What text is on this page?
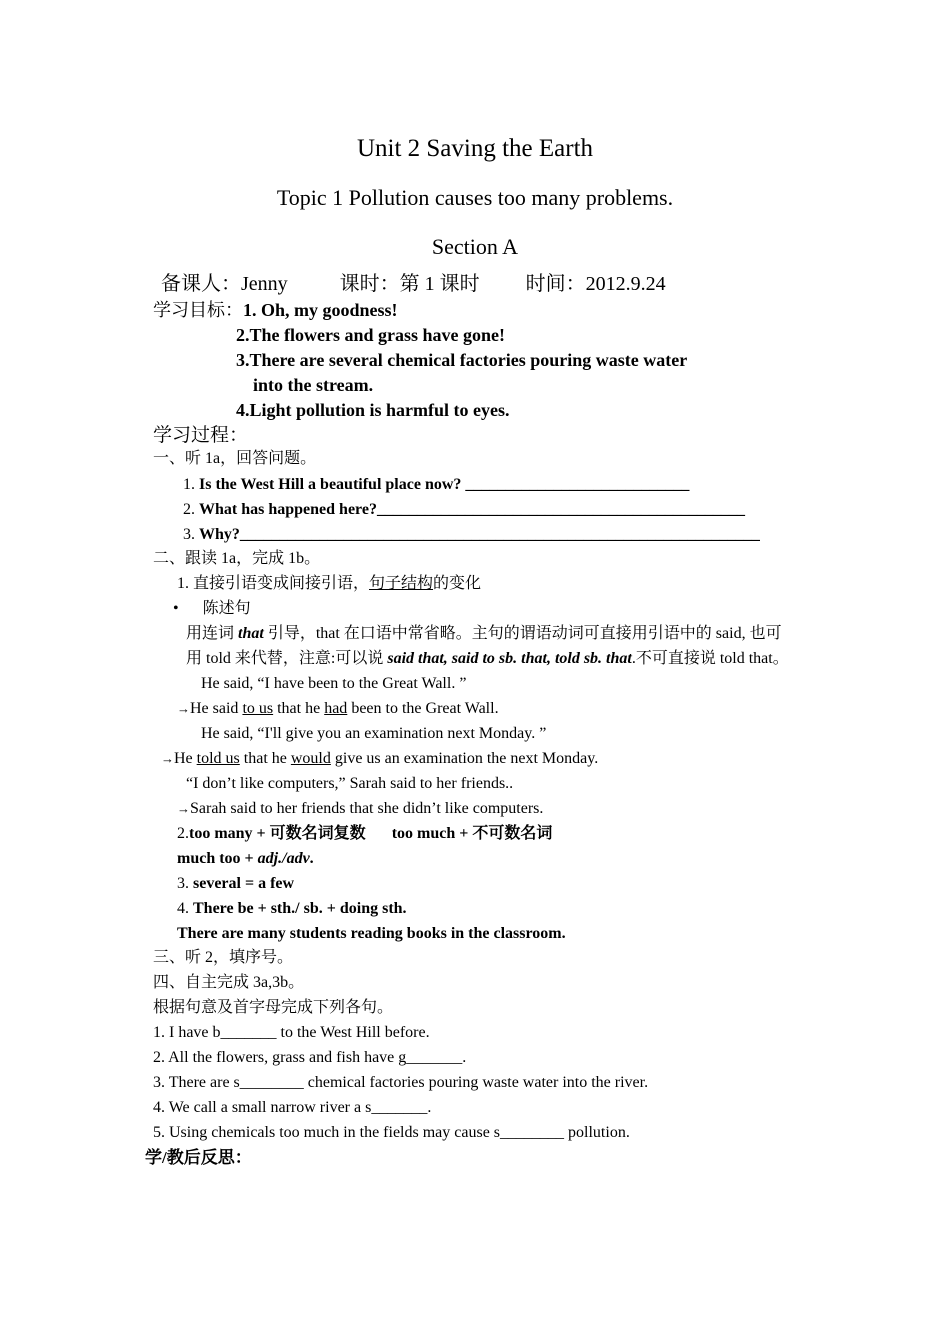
Unit 2 Saving the Earth
Topic 1 Pollution causes too many problems.
Section A
备课人：Jenny	课时：第 1 课时 时间：2012.9.24
学习目标：1. Oh, my goodness!
2.The flowers and grass have gone!
3.There are several chemical factories pouring waste water
into the stream.
4.Light pollution is harmful to eyes.
学习过程：
一、听 1a，回答问题。
1. Is the West Hill a beautiful place now? ____________________________
2. What has happened here?______________________________________________
3. Why?_________________________________________________________________
二、跟读 1a，完成 1b。
1. 直接引语变成间接引语，句子结构的变化
• 陈述句
用连词 that 引导，that 在口语中常省略。主句的谓语动词可直接用引语中的 said, 也可
用 told 来代替，注意:可以说 said that, said to sb. that, told sb. that.不可直接说 told that。
He said, “I have been to the Great Wall. ”
→He said to us that he had been to the Great Wall.
He said, “I'll give you an examination next Monday. ”
→He told us that he would give us an examination the next Monday.
“I don’t like computers,” Sarah said to her friends..
→Sarah said to her friends that she didn’t like computers.
2.too many + 可数名词复数 too much + 不可数名词
much too + adj./adv.
3. several = a few
4. There be + sth./ sb. + doing sth.
There are many students reading books in the classroom.
三、听 2，填序号。
四、自主完成 3a,3b。
根据句意及首字母完成下列各句。
1. I have b_______ to the West Hill before.
2. All the flowers, grass and fish have g_______.
3. There are s________ chemical factories pouring waste water into the river.
4. We call a small narrow river a s_______.
5. Using chemicals too much in the fields may cause s________ pollution.
学/教后反思：
